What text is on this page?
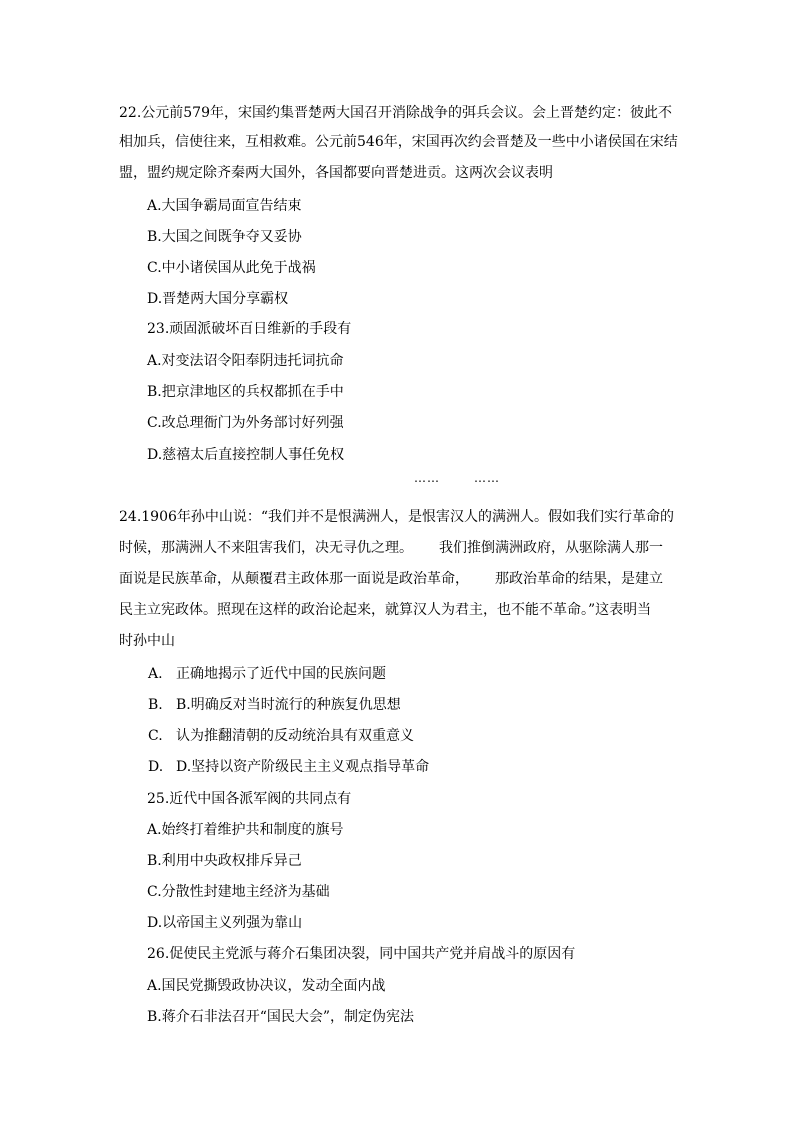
22.公元前579年，宋国约集晋楚两大国召开消除战争的弭兵会议。会上晋楚约定：彼此不
相加兵，信使往来，互相救难。公元前546年，宋国再次约会晋楚及一些中小诸侯国在宋结
盟，盟约规定除齐秦两大国外，各国都要向晋楚进贡。这两次会议表明
A.大国争霸局面宣告结束
B.大国之间既争夺又妥协
C.中小诸侯国从此免于战祸
D.晋楚两大国分享霸权
23.顽固派破坏百日维新的手段有
A.对变法诏令阳奉阴违托词抗命
B.把京津地区的兵权都抓在手中
C.改总理衙门为外务部讨好列强
D.慈禧太后直接控制人事任免权
……	……
24.1906年孙中山说：“我们并不是恨满洲人，是恨害汉人的满洲人。假如我们实行革命的
时候，那满洲人不来阻害我们，决无寻仇之理。 我们推倒满洲政府，从驱除满人那一
面说是民族革命，从颠覆君主政体那一面说是政治革命， 那政治革命的结果，是建立
民主立宪政体。照现在这样的政治论起来，就算汉人为君主，也不能不革命。”这表明当
时孙中山
A. 正确地揭示了近代中国的民族问题
B. B.明确反对当时流行的种族复仇思想
C. 认为推翻清朝的反动统治具有双重意义
D. D.坚持以资产阶级民主主义观点指导革命
25.近代中国各派军阀的共同点有
A.始终打着维护共和制度的旗号
B.利用中央政权排斥异己
C.分散性封建地主经济为基础
D.以帝国主义列强为靠山
26.促使民主党派与蒋介石集团决裂，同中国共产党并肩战斗的原因有
A.国民党撕毁政协决议，发动全面内战
B.蒋介石非法召开“国民大会”，制定伪宪法
